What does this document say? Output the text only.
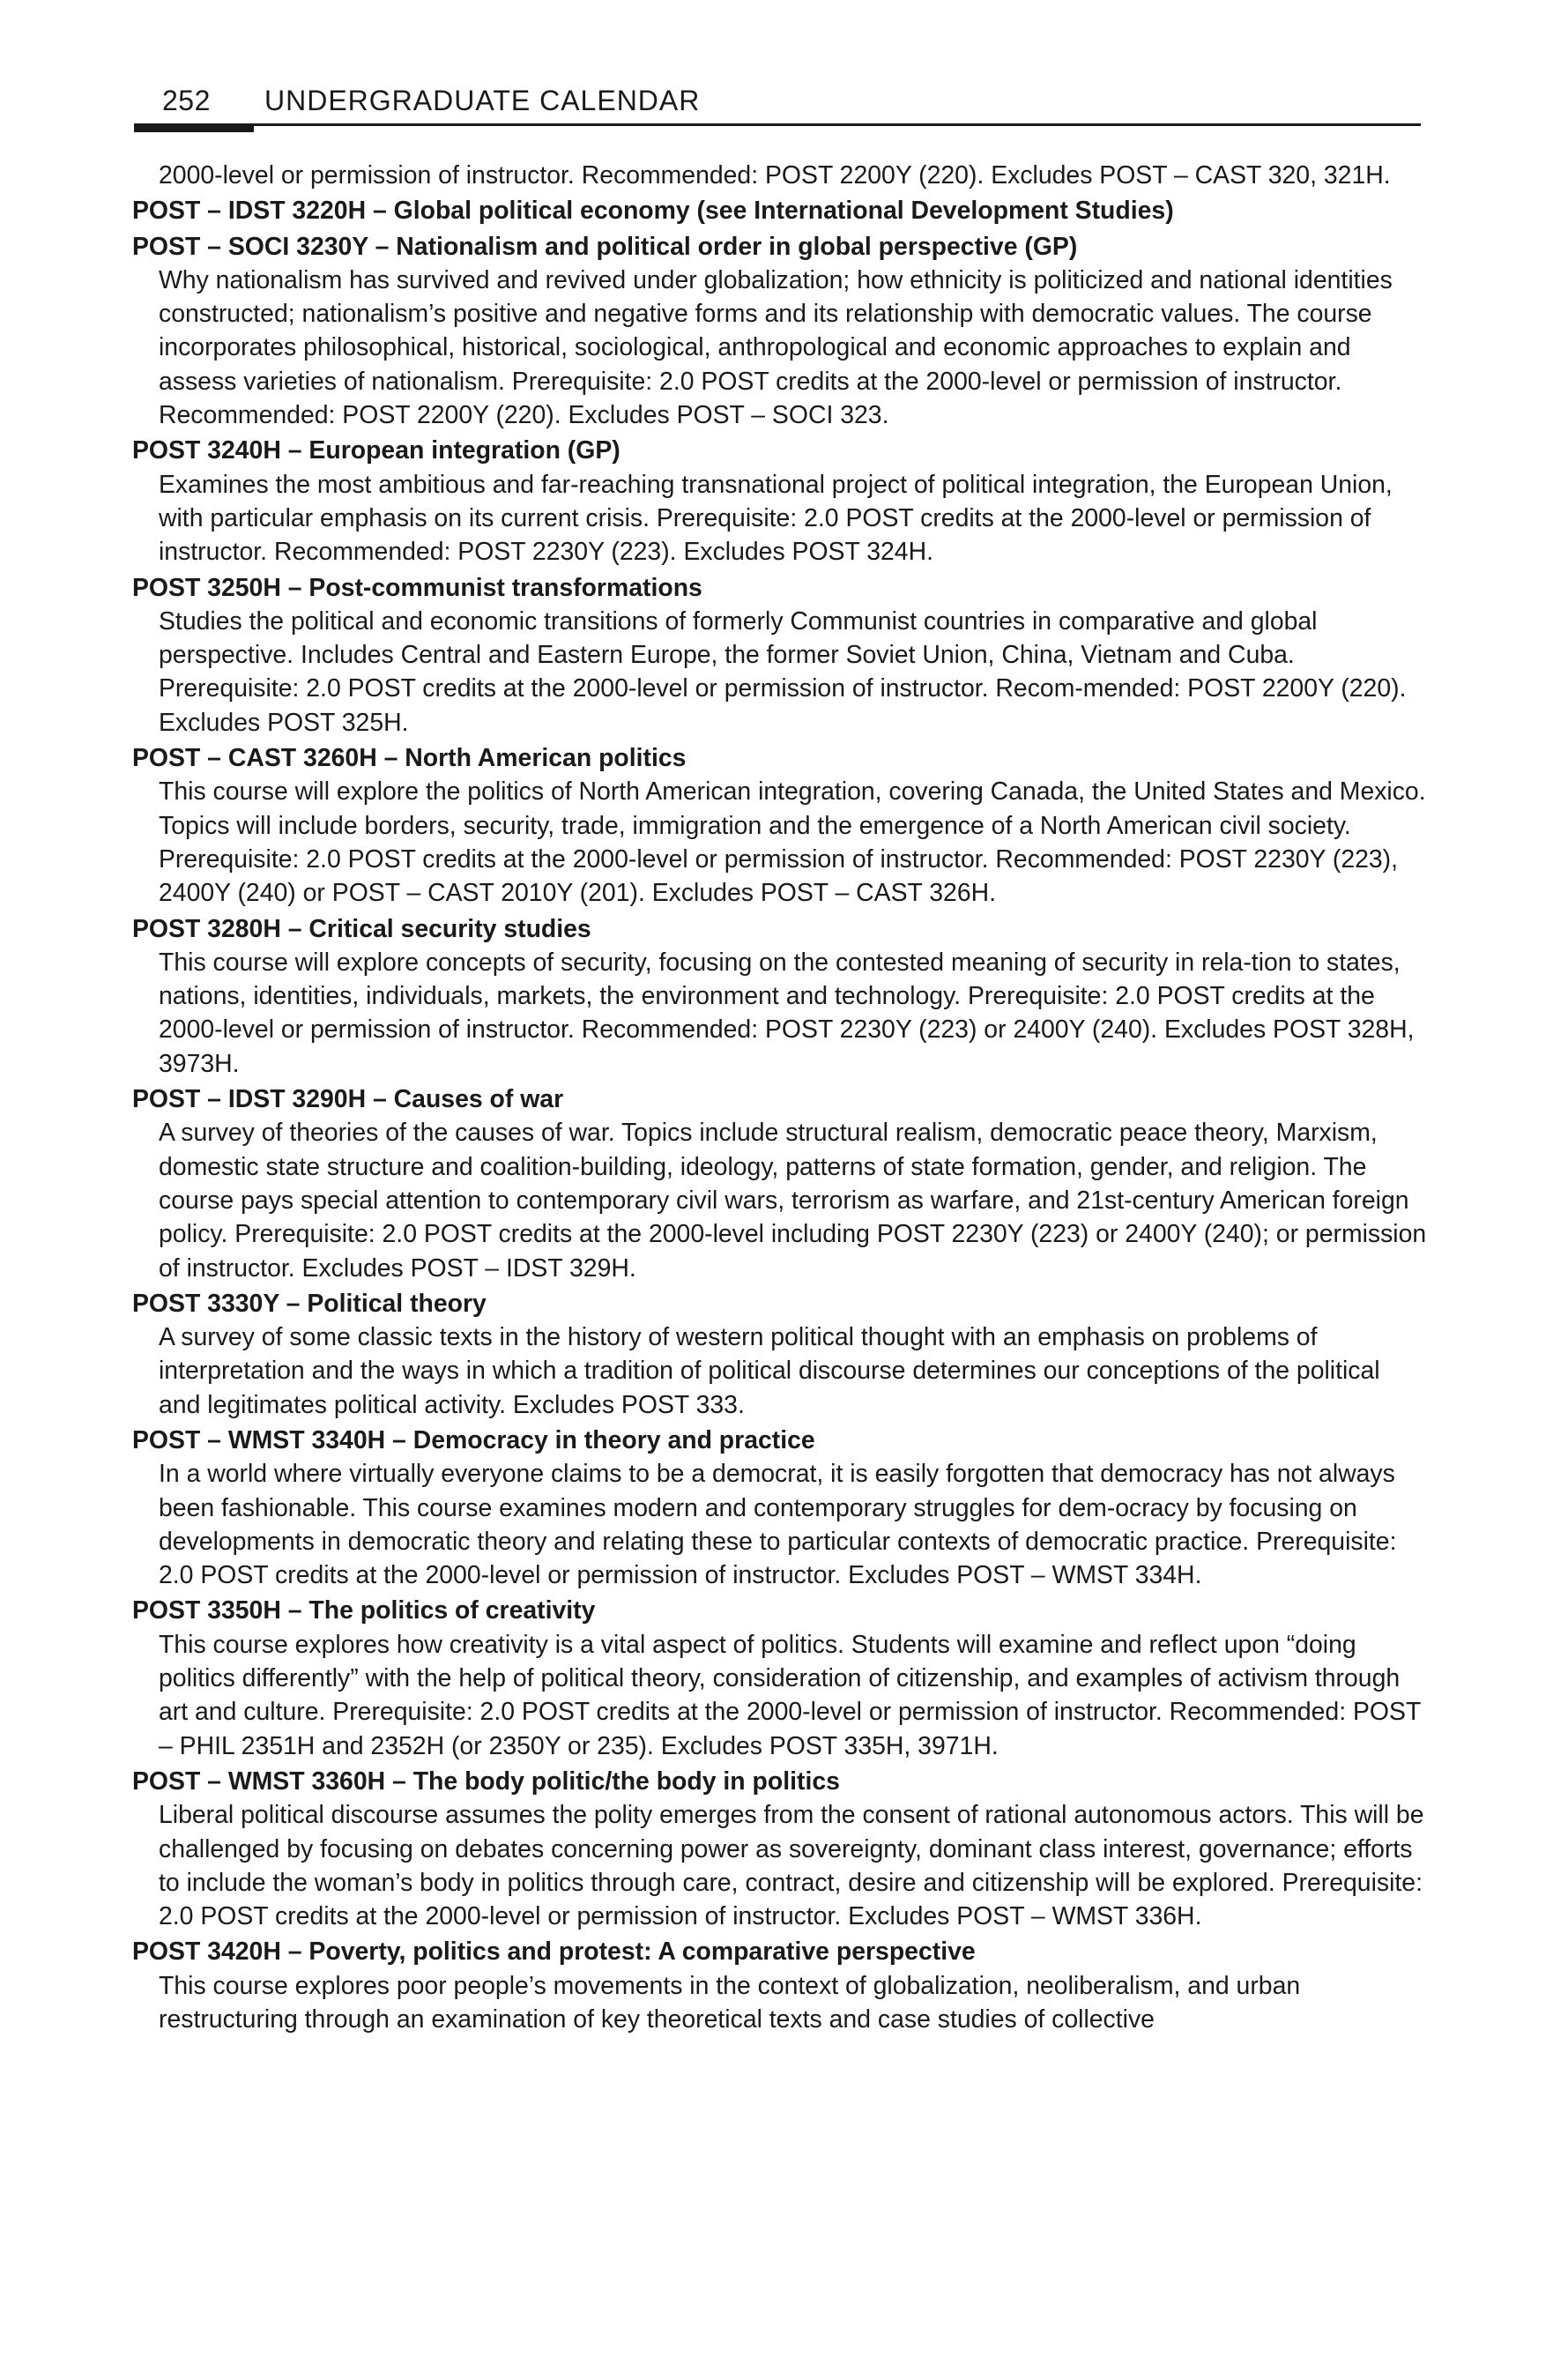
252 UNDERGRADUATE CALENDAR

2000-level or permission of instructor. Recommended: POST 2200Y (220). Excludes POST – CAST 320, 321H.

POST – IDST 3220H – Global political economy (see International Development Studies)

POST – SOCI 3230Y – Nationalism and political order in global perspective (GP)

Why nationalism has survived and revived under globalization; how ethnicity is politicized and national identities constructed; nationalism’s positive and negative forms and its relationship with democratic values. The course incorporates philosophical, historical, sociological, anthropological and economic approaches to explain and assess varieties of nationalism. Prerequisite: 2.0 POST credits at the 2000-level or permission of instructor. Recommended: POST 2200Y (220). Excludes POST – SOCI 323.

POST 3240H – European integration (GP)

Examines the most ambitious and far-reaching transnational project of political integration, the European Union, with particular emphasis on its current crisis. Prerequisite: 2.0 POST credits at the 2000-level or permission of instructor. Recommended: POST 2230Y (223). Excludes POST 324H.

POST 3250H – Post-communist transformations

Studies the political and economic transitions of formerly Communist countries in comparative and global perspective. Includes Central and Eastern Europe, the former Soviet Union, China, Vietnam and Cuba. Prerequisite: 2.0 POST credits at the 2000-level or permission of instructor. Recom-mended: POST 2200Y (220). Excludes POST 325H.

POST – CAST 3260H – North American politics

This course will explore the politics of North American integration, covering Canada, the United States and Mexico. Topics will include borders, security, trade, immigration and the emergence of a North American civil society. Prerequisite: 2.0 POST credits at the 2000-level or permission of instructor. Recommended: POST 2230Y (223), 2400Y (240) or POST – CAST 2010Y (201). Excludes POST – CAST 326H.

POST 3280H – Critical security studies

This course will explore concepts of security, focusing on the contested meaning of security in rela-tion to states, nations, identities, individuals, markets, the environment and technology. Prerequisite: 2.0 POST credits at the 2000-level or permission of instructor. Recommended: POST 2230Y (223) or 2400Y (240). Excludes POST 328H, 3973H.

POST – IDST 3290H – Causes of war

A survey of theories of the causes of war. Topics include structural realism, democratic peace theory, Marxism, domestic state structure and coalition-building, ideology, patterns of state formation, gender, and religion. The course pays special attention to contemporary civil wars, terrorism as warfare, and 21st-century American foreign policy. Prerequisite: 2.0 POST credits at the 2000-level including POST 2230Y (223) or 2400Y (240); or permission of instructor. Excludes POST – IDST 329H.

POST 3330Y – Political theory

A survey of some classic texts in the history of western political thought with an emphasis on problems of interpretation and the ways in which a tradition of political discourse determines our conceptions of the political and legitimates political activity. Excludes POST 333.

POST – WMST 3340H – Democracy in theory and practice

In a world where virtually everyone claims to be a democrat, it is easily forgotten that democracy has not always been fashionable. This course examines modern and contemporary struggles for dem-ocracy by focusing on developments in democratic theory and relating these to particular contexts of democratic practice. Prerequisite: 2.0 POST credits at the 2000-level or permission of instructor. Excludes POST – WMST 334H.

POST 3350H – The politics of creativity

This course explores how creativity is a vital aspect of politics. Students will examine and reflect upon “doing politics differently” with the help of political theory, consideration of citizenship, and examples of activism through art and culture. Prerequisite: 2.0 POST credits at the 2000-level or permission of instructor. Recommended: POST – PHIL 2351H and 2352H (or 2350Y or 235). Excludes POST 335H, 3971H.

POST – WMST 3360H – The body politic/the body in politics

Liberal political discourse assumes the polity emerges from the consent of rational autonomous actors. This will be challenged by focusing on debates concerning power as sovereignty, dominant class interest, governance; efforts to include the woman’s body in politics through care, contract, desire and citizenship will be explored. Prerequisite: 2.0 POST credits at the 2000-level or permission of instructor. Excludes POST – WMST 336H.

POST 3420H – Poverty, politics and protest: A comparative perspective

This course explores poor people’s movements in the context of globalization, neoliberalism, and urban restructuring through an examination of key theoretical texts and case studies of collective
